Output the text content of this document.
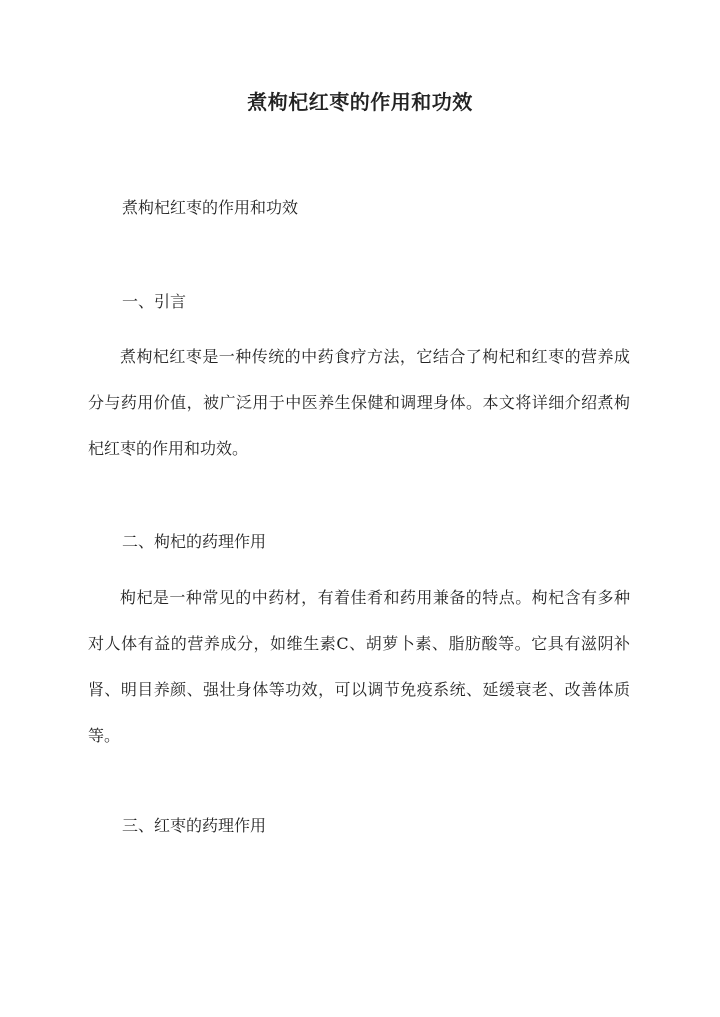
煮枸杞红枣的作用和功效

煮枸杞红枣的作用和功效

一、引言

煮枸杞红枣是一种传统的中药食疗方法，它结合了枸杞和红枣的营养成分与药用价值，被广泛用于中医养生保健和调理身体。本文将详细介绍煮枸杞红枣的作用和功效。

二、枸杞的药理作用

枸杞是一种常见的中药材，有着佳肴和药用兼备的特点。枸杞含有多种对人体有益的营养成分，如维生素C、胡萝卜素、脂肪酸等。它具有滋阴补肾、明目养颜、强壮身体等功效，可以调节免疫系统、延缓衰老、改善体质等。

三、红枣的药理作用
